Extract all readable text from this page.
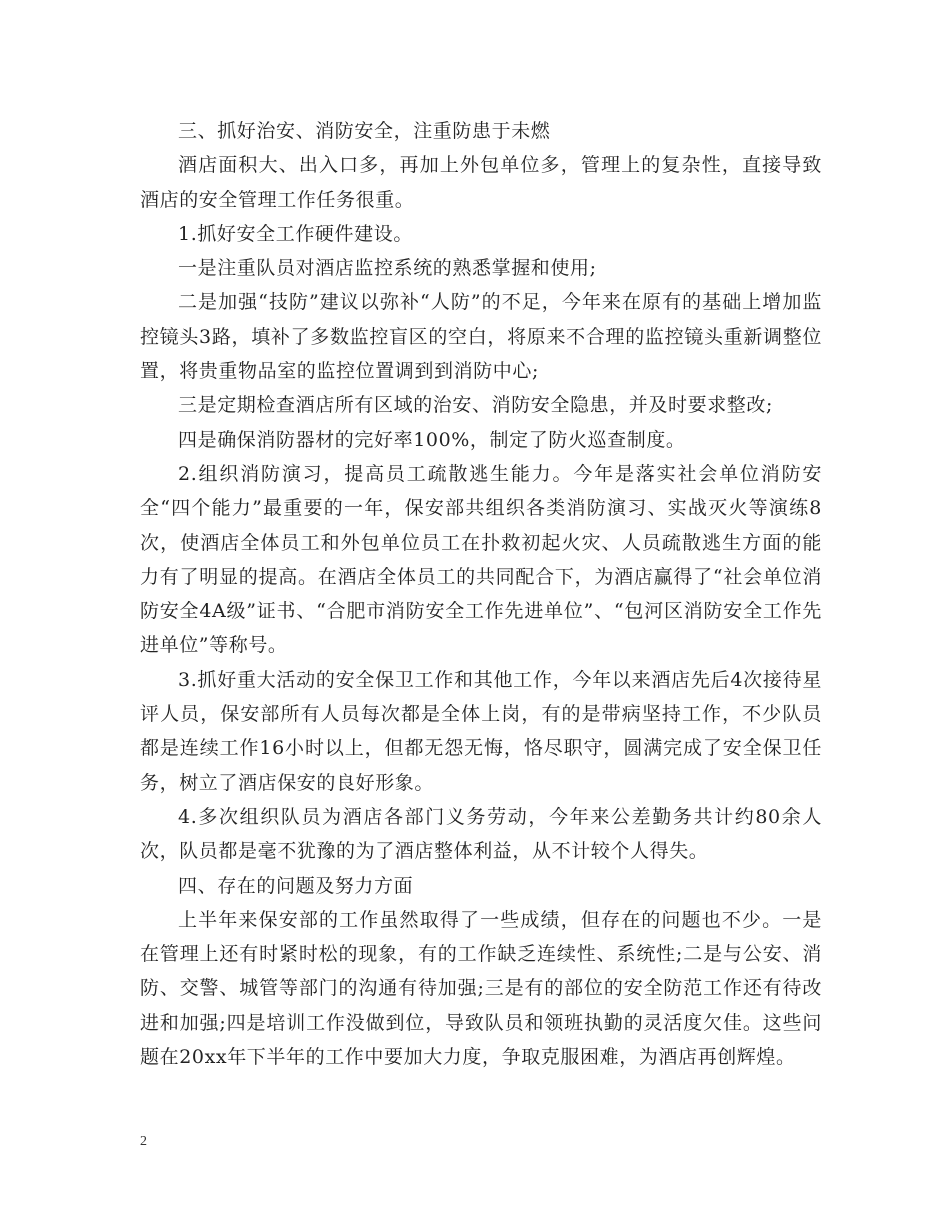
三、抓好治安、消防安全，注重防患于未燃

酒店面积大、出入口多，再加上外包单位多，管理上的复杂性，直接导致酒店的安全管理工作任务很重。

1.抓好安全工作硬件建设。

一是注重队员对酒店监控系统的熟悉掌握和使用;

二是加强“技防”建议以弥补“人防”的不足，今年来在原有的基础上增加监控镜头3路，填补了多数监控盲区的空白，将原来不合理的监控镜头重新调整位置，将贵重物品室的监控位置调到到消防中心;

三是定期检查酒店所有区域的治安、消防安全隐患，并及时要求整改;

四是确保消防器材的完好率100%，制定了防火巡查制度。

2.组织消防演习，提高员工疏散逃生能力。今年是落实社会单位消防安全“四个能力”最重要的一年，保安部共组织各类消防演习、实战灭火等演练8次，使酒店全体员工和外包单位员工在扑救初起火灾、人员疏散逃生方面的能力有了明显的提高。在酒店全体员工的共同配合下，为酒店赢得了“社会单位消防安全4A级”证书、“合肥市消防安全工作先进单位”、“包河区消防安全工作先进单位”等称号。

3.抓好重大活动的安全保卫工作和其他工作，今年以来酒店先后4次接待星评人员，保安部所有人员每次都是全体上岗，有的是带病坚持工作，不少队员都是连续工作16小时以上，但都无怨无悔，恪尽职守，圆满完成了安全保卫任务，树立了酒店保安的良好形象。

4.多次组织队员为酒店各部门义务劳动，今年来公差勤务共计约80余人次，队员都是毫不犹豫的为了酒店整体利益，从不计较个人得失。

四、存在的问题及努力方面

上半年来保安部的工作虽然取得了一些成绩，但存在的问题也不少。一是在管理上还有时紧时松的现象，有的工作缺乏连续性、系统性;二是与公安、消防、交警、城管等部门的沟通有待加强;三是有的部位的安全防范工作还有待改进和加强;四是培训工作没做到位，导致队员和领班执勤的灵活度欠佳。这些问题在20xx年下半年的工作中要加大力度，争取克服困难，为酒店再创辉煌。

2
